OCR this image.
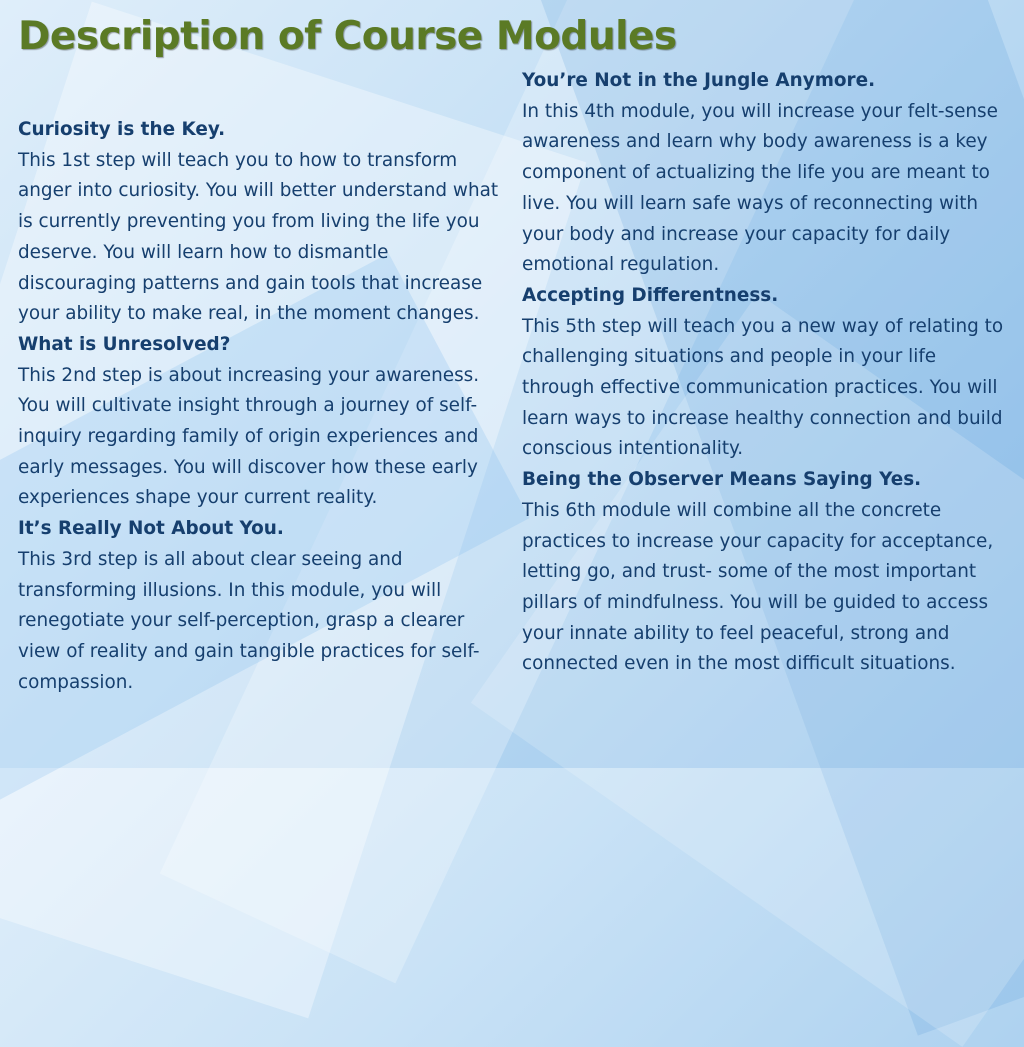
Description of Course Modules
Curiosity is the Key.
This 1st step will teach you to how to transform anger into curiosity. You will better understand what is currently preventing you from living the life you deserve. You will learn how to dismantle discouraging patterns and gain tools that increase your ability to make real, in the moment changes.
What is Unresolved?
This 2nd step is about increasing your awareness. You will cultivate insight through a journey of self-inquiry regarding family of origin experiences and early messages. You will discover how these early experiences shape your current reality.
It’s Really Not About You.
This 3rd step is all about clear seeing and transforming illusions. In this module, you will renegotiate your self-perception, grasp a clearer view of reality and gain tangible practices for self-compassion.
You’re Not in the Jungle Anymore.
In this 4th module, you will increase your felt-sense awareness and learn why body awareness is a key component of actualizing the life you are meant to live. You will learn safe ways of reconnecting with your body and increase your capacity for daily emotional regulation.
Accepting Differentness.
This 5th step will teach you a new way of relating to challenging situations and people in your life through effective communication practices. You will learn ways to increase healthy connection and build conscious intentionality.
Being the Observer Means Saying Yes.
This 6th module will combine all the concrete practices to increase your capacity for acceptance, letting go, and trust- some of the most important pillars of mindfulness. You will be guided to access your innate ability to feel peaceful, strong and connected even in the most difficult situations.
